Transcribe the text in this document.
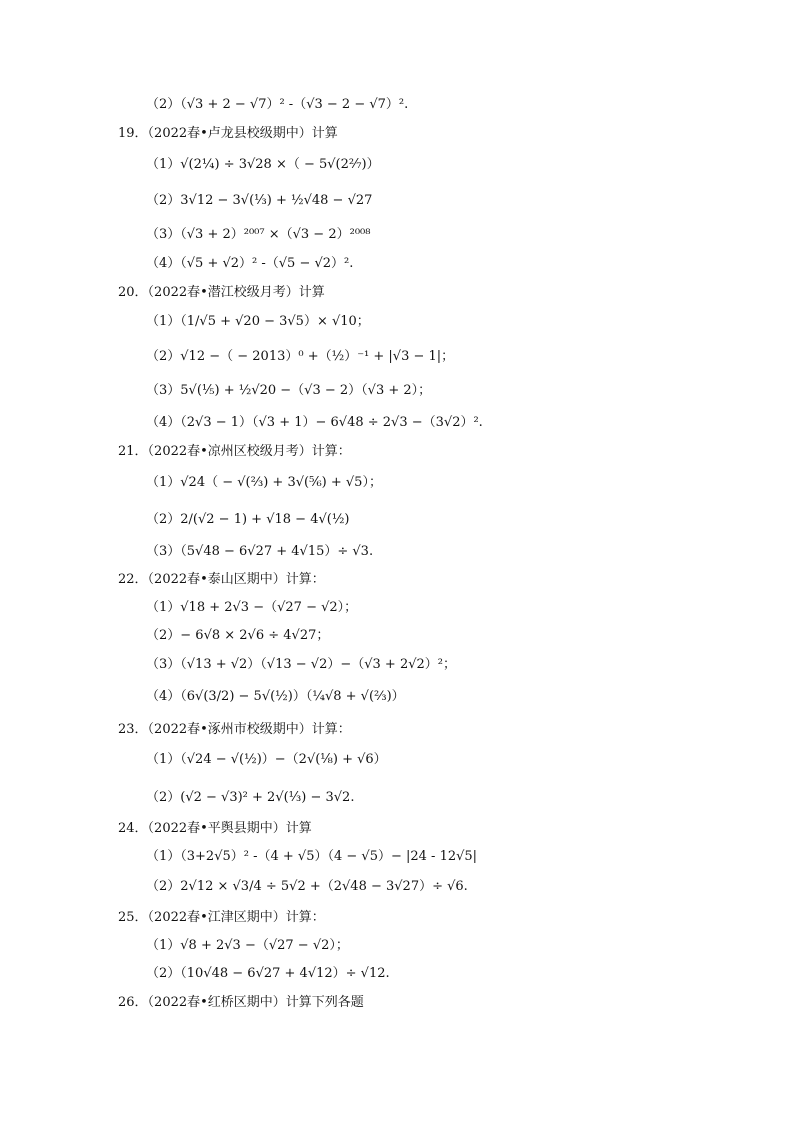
（2）（√3 + 2 − √7）² -（√3 − 2 − √7）².
19．（2022春•卢龙县校级期中）计算
（1）√(2¼) ÷ 3√28 ×（ − 5√(2²⁄₇)）
（2）3√12 − 3√(⅓) + ½√48 − √27
（3）（√3 + 2）²⁰⁰⁷ ×（√3 − 2）²⁰⁰⁸
（4）（√5 + √2）² -（√5 − √2）².
20．（2022春•潜江校级月考）计算
（1）（1/√5 + √20 − 3√5）× √10；
（2）√12 −（ − 2013）⁰ +（½）⁻¹ + |√3 − 1|；
（3）5√(⅕) + ½√20 −（√3 − 2）（√3 + 2）；
（4）（2√3 − 1）（√3 + 1）− 6√48 ÷ 2√3 −（3√2）².
21．（2022春•凉州区校级月考）计算：
（1）√24（ − √(⅔) + 3√(⅚) + √5）；
（2）2/(√2 − 1) + √18 − 4√(½)
（3）（5√48 − 6√27 + 4√15）÷ √3.
22．（2022春•泰山区期中）计算：
（1）√18 + 2√3 −（√27 − √2）；
（2）− 6√8 × 2√6 ÷ 4√27；
（3）（√13 + √2）（√13 − √2）−（√3 + 2√2）²；
（4）（6√(3/2) − 5√(½)）（¼√8 + √(⅔)）
23．（2022春•涿州市校级期中）计算：
（1）（√24 − √(½)）−（2√(⅛) + √6）
（2）(√2 − √3)² + 2√(⅓) − 3√2.
24．（2022春•平舆县期中）计算
（1）（3+2√5）² -（4 + √5）（4 − √5）− |24 - 12√5|
（2）2√12 × √3/4 ÷ 5√2 +（2√48 − 3√27）÷ √6.
25．（2022春•江津区期中）计算：
（1）√8 + 2√3 −（√27 − √2）；
（2）（10√48 − 6√27 + 4√12）÷ √12.
26．（2022春•红桥区期中）计算下列各题
